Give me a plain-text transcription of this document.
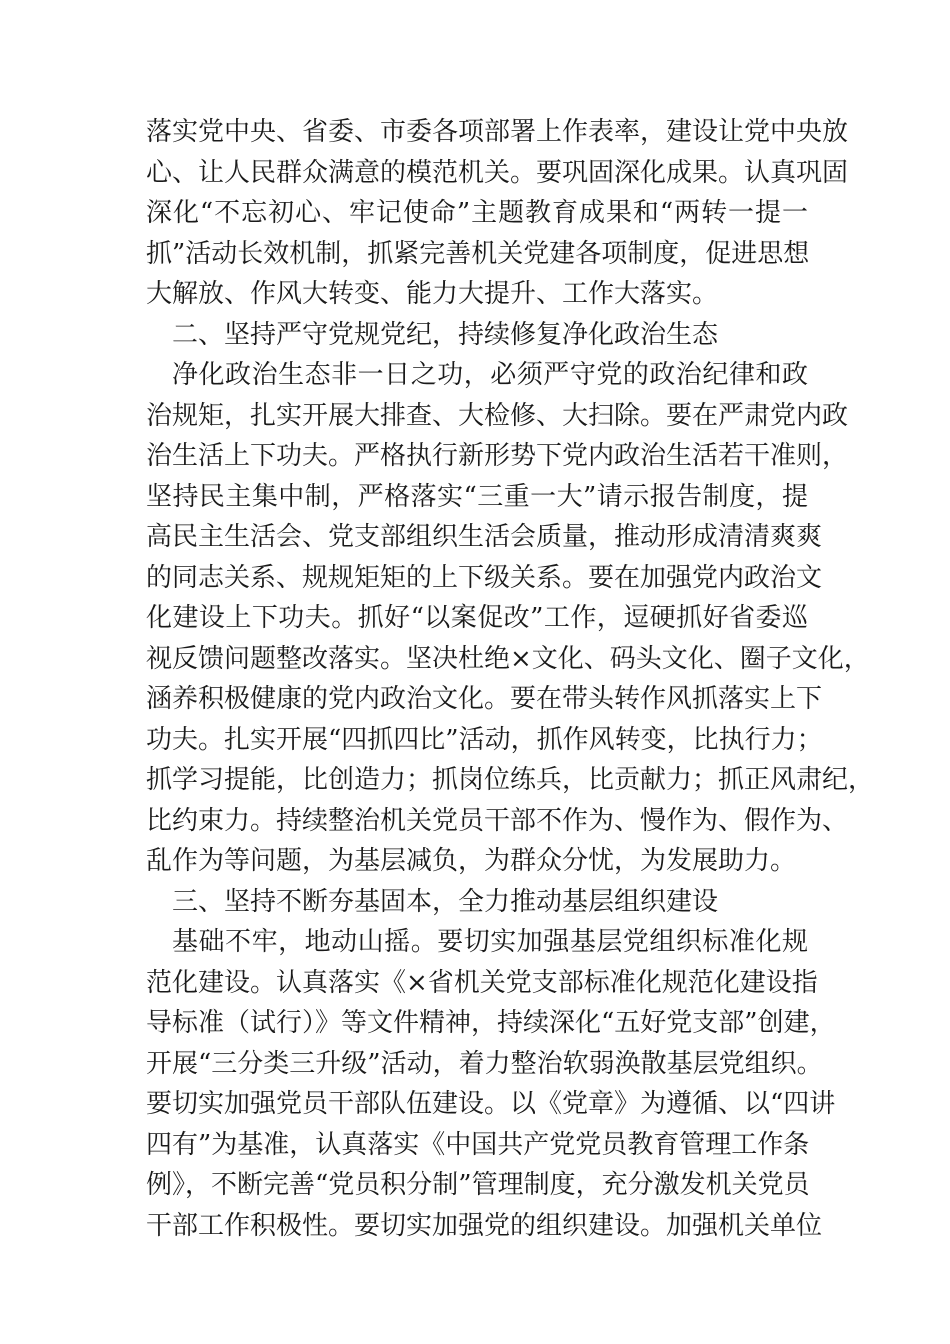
落实党中央、省委、市委各项部署上作表率，建设让党中央放
心、让人民群众满意的模范机关。要巩固深化成果。认真巩固
深化“不忘初心、牢记使命”主题教育成果和“两转一提一
抓”活动长效机制，抓紧完善机关党建各项制度，促进思想
大解放、作风大转变、能力大提升、工作大落实。
二、坚持严守党规党纪，持续修复净化政治生态
净化政治生态非一日之功，必须严守党的政治纪律和政
治规矩，扎实开展大排查、大检修、大扫除。要在严肃党内政
治生活上下功夫。严格执行新形势下党内政治生活若干准则，
坚持民主集中制，严格落实“三重一大”请示报告制度，提
高民主生活会、党支部组织生活会质量，推动形成清清爽爽
的同志关系、规规矩矩的上下级关系。要在加强党内政治文
化建设上下功夫。抓好“以案促改”工作，逗硬抓好省委巡
视反馈问题整改落实。坚决杜绝×文化、码头文化、圈子文化，
涵养积极健康的党内政治文化。要在带头转作风抓落实上下
功夫。扎实开展“四抓四比”活动，抓作风转变，比执行力；
抓学习提能，比创造力；抓岗位练兵，比贡献力；抓正风肃纪，
比约束力。持续整治机关党员干部不作为、慢作为、假作为、
乱作为等问题，为基层减负，为群众分忧，为发展助力。
三、坚持不断夯基固本，全力推动基层组织建设
基础不牢，地动山摇。要切实加强基层党组织标准化规
范化建设。认真落实《×省机关党支部标准化规范化建设指
导标准（试行）》等文件精神，持续深化“五好党支部”创建，
开展“三分类三升级”活动，着力整治软弱涣散基层党组织。
要切实加强党员干部队伍建设。以《党章》为遵循、以“四讲
四有”为基准，认真落实《中国共产党党员教育管理工作条
例》，不断完善“党员积分制”管理制度，充分激发机关党员
干部工作积极性。要切实加强党的组织建设。加强机关单位
